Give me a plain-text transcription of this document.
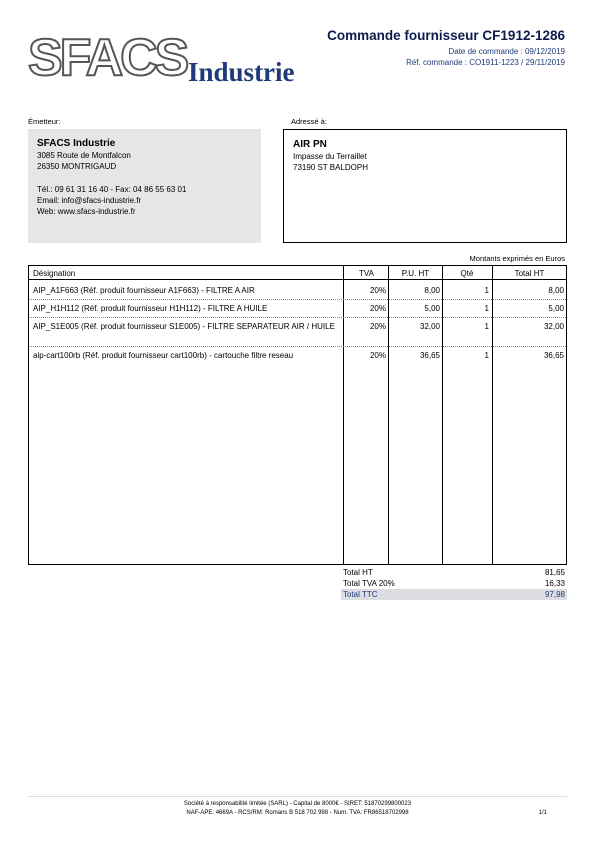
SFACS Industrie
Commande fournisseur CF1912-1286
Date de commande : 09/12/2019
Réf. commande : CO1911-1223 / 29/11/2019
Émetteur:	Adressé à:
SFACS Industrie
3085 Route de Montfalcon
26350 MONTRIGAUD
Tél.: 09 61 31 16 40 - Fax: 04 86 55 63 01
Email: info@sfacs-industrie.fr
Web: www.sfacs-industrie.fr
AIR PN
Impasse du Terraillet
73190 ST BALDOPH
Montants exprimés en Euros
Désignation	TVA	P.U. HT	Qté	Total HT
AIP_A1F663 (Réf. produit fournisseur A1F663) - FILTRE A AIR	20%	8,00	1	8,00
AIP_H1H112 (Réf. produit fournisseur H1H112) - FILTRE A HUILE	20%	5,00	1	5,00
AIP_S1E005 (Réf. produit fournisseur S1E005) - FILTRE SEPARATEUR AIR / HUILE	20%	32,00	1	32,00
aip-cart100rb (Réf. produit fournisseur cart100rb) - cartouche filtre reseau	20%	36,65	1	36,65
Total HT	81,65
Total TVA 20%	16,33
Total TTC	97,98
Société à responsabilité limitée (SARL) - Capital de 8000€ - SIRET: 51870299800023
NAF-APE: 4669A - RCS/RM: Romans B 518 702 998 - Num. TVA: FR86518702998	1/1
